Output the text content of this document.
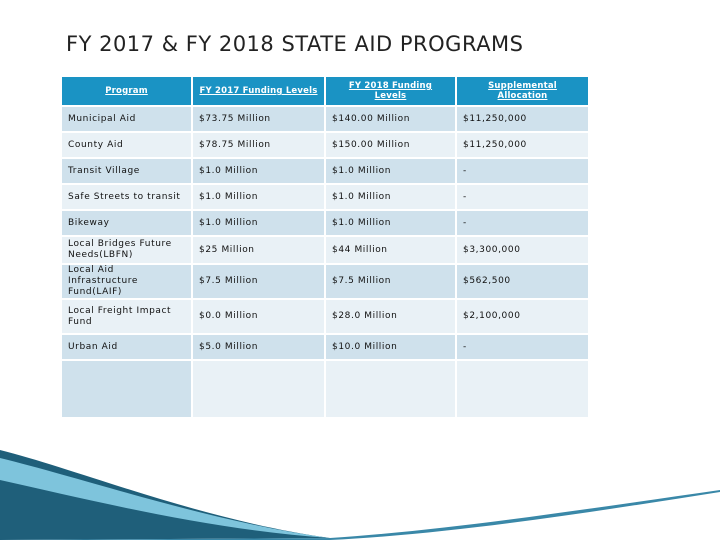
FY 2017 & FY 2018 STATE AID PROGRAMS
Program	FY 2017 Funding Levels	FY 2018 Funding Levels	Supplemental Allocation
Municipal Aid	$73.75 Million	$140.00 Million	$11,250,000
County Aid	$78.75 Million	$150.00 Million	$11,250,000
Transit Village	$1.0 Million	$1.0 Million	-
Safe Streets to transit	$1.0 Million	$1.0 Million	-
Bikeway	$1.0 Million	$1.0 Million	-
Local Bridges Future Needs(LBFN)	$25 Million	$44 Million	$3,300,000
Local Aid Infrastructure Fund(LAIF)	$7.5 Million	$7.5 Million	$562,500
Local Freight Impact Fund	$0.0 Million	$28.0 Million	$2,100,000
Urban Aid	$5.0 Million	$10.0 Million	-
